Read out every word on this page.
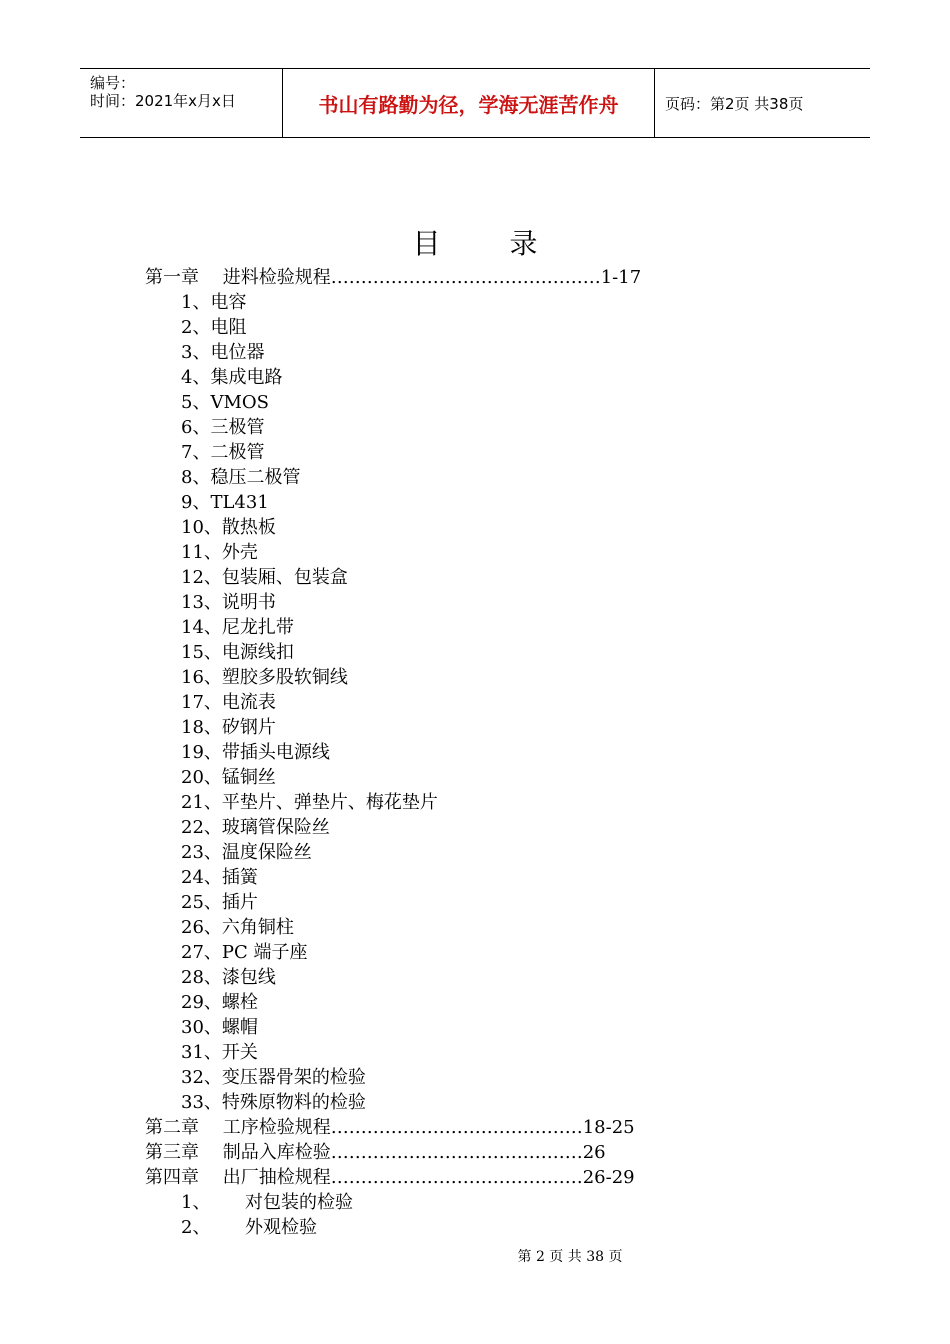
编号：
时间：2021年x月x日	书山有路勤为径，学海无涯苦作舟	页码：第2页 共38页
目 录
第一章　 进料检验规程………………………………………1-17
1、电容
2、电阻
3、电位器
4、集成电路
5、VMOS
6、三极管
7、二极管
8、稳压二极管
9、TL431
10、散热板
11、外壳
12、包装厢、包装盒
13、说明书
14、尼龙扎带
15、电源线扣
16、塑胶多股软铜线
17、电流表
18、矽钢片
19、带插头电源线
20、锰铜丝
21、平垫片、弹垫片、梅花垫片
22、玻璃管保险丝
23、温度保险丝
24、插簧
25、插片
26、六角铜柱
27、PC 端子座
28、漆包线
29、螺栓
30、螺帽
31、开关
32、变压器骨架的检验
33、特殊原物料的检验
第二章　 工序检验规程……………………………………18-25
第三章　 制品入库检验……………………………………26
第四章　 出厂抽检规程……………………………………26-29
1、 对包装的检验
2、 外观检验
第 2 页 共 38 页
